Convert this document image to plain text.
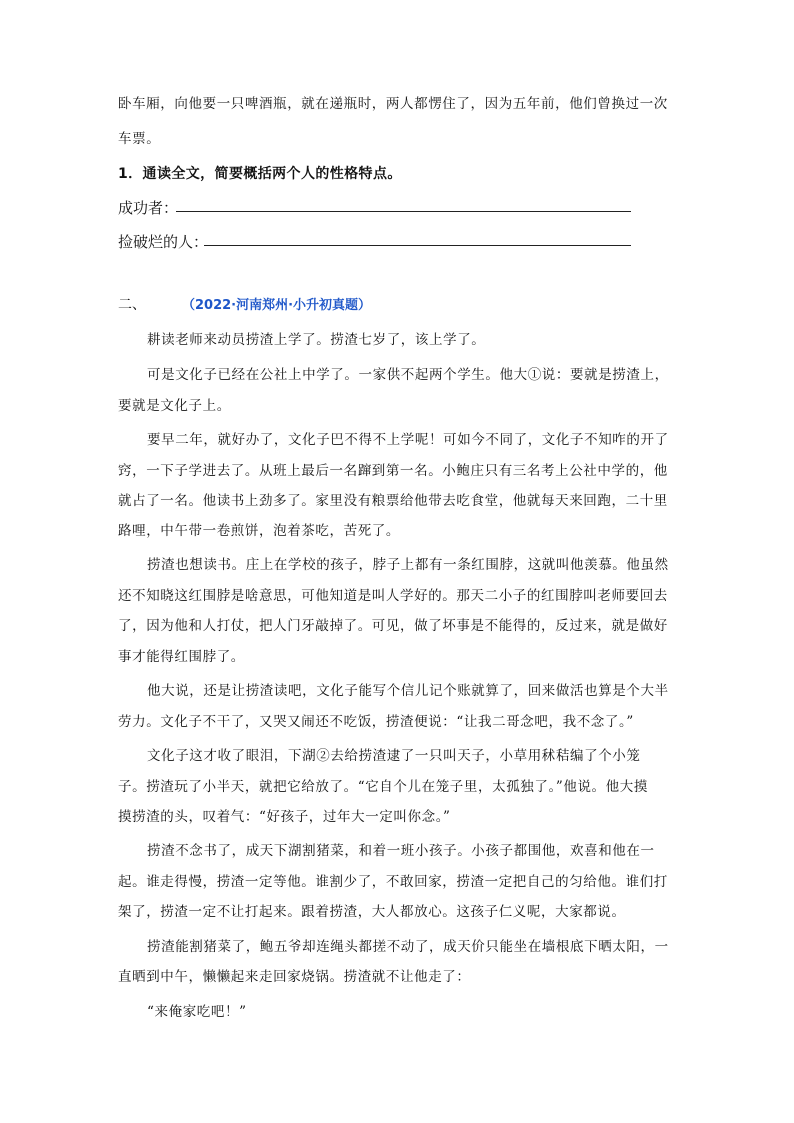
卧车厢，向他要一只啤酒瓶，就在递瓶时，两人都愣住了，因为五年前，他们曾换过一次
车票。
1．通读全文，简要概括两个人的性格特点。
成功者：
捡破烂的人：
二、	（2022·河南郑州·小升初真题）
耕读老师来动员捞渣上学了。捞渣七岁了，该上学了。
可是文化子已经在公社上中学了。一家供不起两个学生。他大①说：要就是捞渣上，
要就是文化子上。
要早二年，就好办了，文化子巴不得不上学呢！可如今不同了，文化子不知咋的开了
窍，一下子学进去了。从班上最后一名蹿到第一名。小鲍庄只有三名考上公社中学的，他
就占了一名。他读书上劲多了。家里没有粮票给他带去吃食堂，他就每天来回跑，二十里
路哩，中午带一卷煎饼，泡着茶吃，苦死了。
捞渣也想读书。庄上在学校的孩子，脖子上都有一条红围脖，这就叫他羡慕。他虽然
还不知晓这红围脖是啥意思，可他知道是叫人学好的。那天二小子的红围脖叫老师要回去
了，因为他和人打仗，把人门牙敲掉了。可见，做了坏事是不能得的，反过来，就是做好
事才能得红围脖了。
他大说，还是让捞渣读吧，文化子能写个信儿记个账就算了，回来做活也算是个大半
劳力。文化子不干了，又哭又闹还不吃饭，捞渣便说：“让我二哥念吧，我不念了。”
文化子这才收了眼泪，下湖②去给捞渣逮了一只叫天子，小草用秫秸编了个小笼
子。捞渣玩了小半天，就把它给放了。“它自个儿在笼子里，太孤独了。”他说。他大摸
摸捞渣的头，叹着气：“好孩子，过年大一定叫你念。”
捞渣不念书了，成天下湖割猪菜，和着一班小孩子。小孩子都围他，欢喜和他在一
起。谁走得慢，捞渣一定等他。谁割少了，不敢回家，捞渣一定把自己的匀给他。谁们打
架了，捞渣一定不让打起来。跟着捞渣，大人都放心。这孩子仁义呢，大家都说。
捞渣能割猪菜了，鲍五爷却连绳头都搓不动了，成天价只能坐在墙根底下晒太阳，一
直晒到中午，懒懒起来走回家烧锅。捞渣就不让他走了：
“来俺家吃吧！”
